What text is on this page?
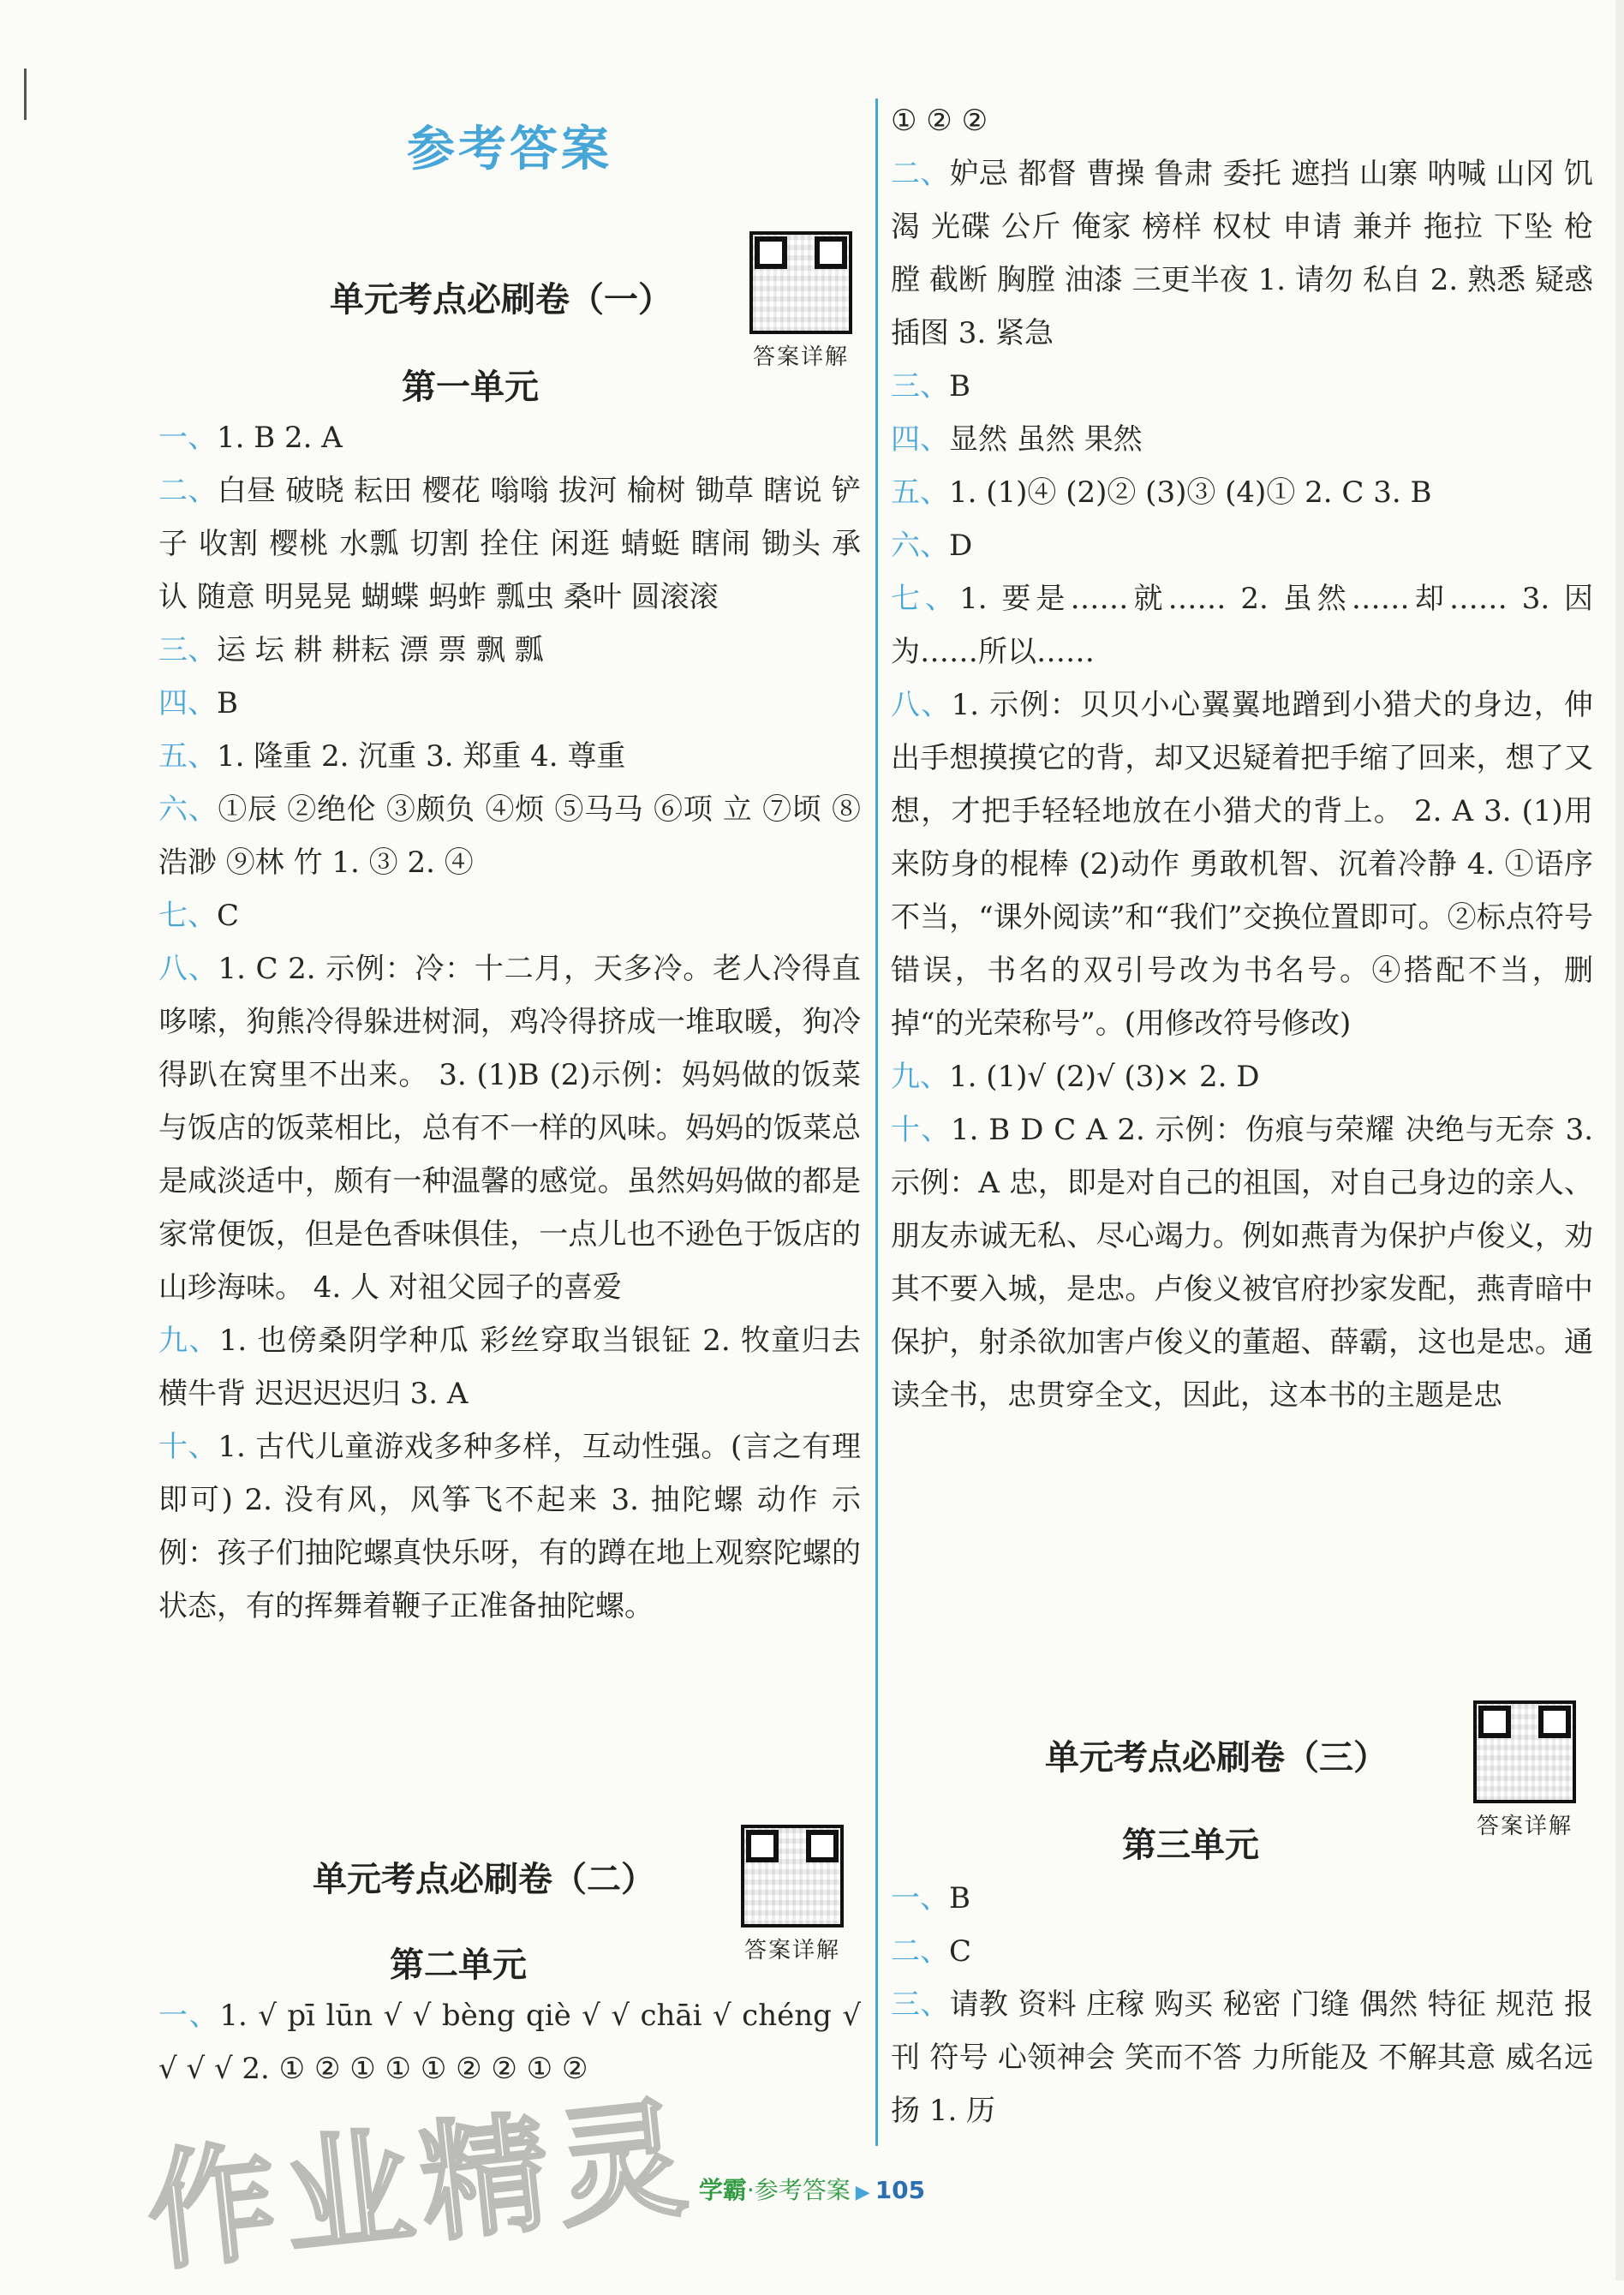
参考答案
单元考点必刷卷（一）
答案详解
第一单元

一、1. B 2. A

二、白昼 破晓 耘田 樱花 嗡嗡 拔河 榆树 锄草 瞎说 铲子 收割 樱桃 水瓢 切割 拴住 闲逛 蜻蜓 瞎闹 锄头 承认 随意 明晃晃 蝴蝶 蚂蚱 瓢虫 桑叶 圆滚滚

三、运 坛 耕 耕耘 漂 票 飘 瓢

四、B

五、1. 隆重 2. 沉重 3. 郑重 4. 尊重

六、①辰 ②绝伦 ③颇负 ④烦 ⑤马马 ⑥项 立 ⑦顷 ⑧浩渺 ⑨林 竹 1. ③ 2. ④

七、C

八、1. C 2. 示例：冷：十二月，天多冷。老人冷得直哆嗦，狗熊冷得躲进树洞，鸡冷得挤成一堆取暖，狗冷得趴在窝里不出来。 3. (1)B (2)示例：妈妈做的饭菜与饭店的饭菜相比，总有不一样的风味。妈妈的饭菜总是咸淡适中，颇有一种温馨的感觉。虽然妈妈做的都是家常便饭，但是色香味俱佳，一点儿也不逊色于饭店的山珍海味。 4. 人 对祖父园子的喜爱

九、1. 也傍桑阴学种瓜 彩丝穿取当银钲 2. 牧童归去横牛背 迟迟迟迟归 3. A

十、1. 古代儿童游戏多种多样，互动性强。(言之有理即可) 2. 没有风，风筝飞不起来 3. 抽陀螺 动作 示例：孩子们抽陀螺真快乐呀，有的蹲在地上观察陀螺的状态，有的挥舞着鞭子正准备抽陀螺。

单元考点必刷卷（二）
答案详解
第二单元

一、1. √ pī lūn √ √ bèng qiè √ √ chāi √ chéng √ √ √ √ 2. ① ② ① ① ① ② ② ① ②

① ② ②

二、妒忌 都督 曹操 鲁肃 委托 遮挡 山寨 呐喊 山冈 饥渴 光碟 公斤 俺家 榜样 权杖 申请 兼并 拖拉 下坠 枪膛 截断 胸膛 油漆 三更半夜 1. 请勿 私自 2. 熟悉 疑惑 插图 3. 紧急

三、B

四、显然 虽然 果然

五、1. (1)④ (2)② (3)③ (4)① 2. C 3. B

六、D

七、1. 要是……就…… 2. 虽然……却…… 3. 因为……所以……

八、1. 示例：贝贝小心翼翼地蹭到小猎犬的身边，伸出手想摸摸它的背，却又迟疑着把手缩了回来，想了又想，才把手轻轻地放在小猎犬的背上。 2. A 3. (1)用来防身的棍棒 (2)动作 勇敢机智、沉着冷静 4. ①语序不当，“课外阅读”和“我们”交换位置即可。②标点符号错误，书名的双引号改为书名号。④搭配不当，删掉“的光荣称号”。(用修改符号修改)

九、1. (1)√ (2)√ (3)× 2. D

十、1. B D C A 2. 示例：伤痕与荣耀 决绝与无奈 3. 示例：A 忠，即是对自己的祖国，对自己身边的亲人、朋友赤诚无私、尽心竭力。例如燕青为保护卢俊义，劝其不要入城，是忠。卢俊义被官府抄家发配，燕青暗中保护，射杀欲加害卢俊义的董超、薛霸，这也是忠。通读全书，忠贯穿全文，因此，这本书的主题是忠

单元考点必刷卷（三）
答案详解
第三单元

一、B

二、C

三、请教 资料 庄稼 购买 秘密 门缝 偶然 特征 规范 报刊 符号 心领神会 笑而不答 力所能及 不解其意 威名远扬 1. 历

作业精灵
学霸·参考答案 ▶ 105
